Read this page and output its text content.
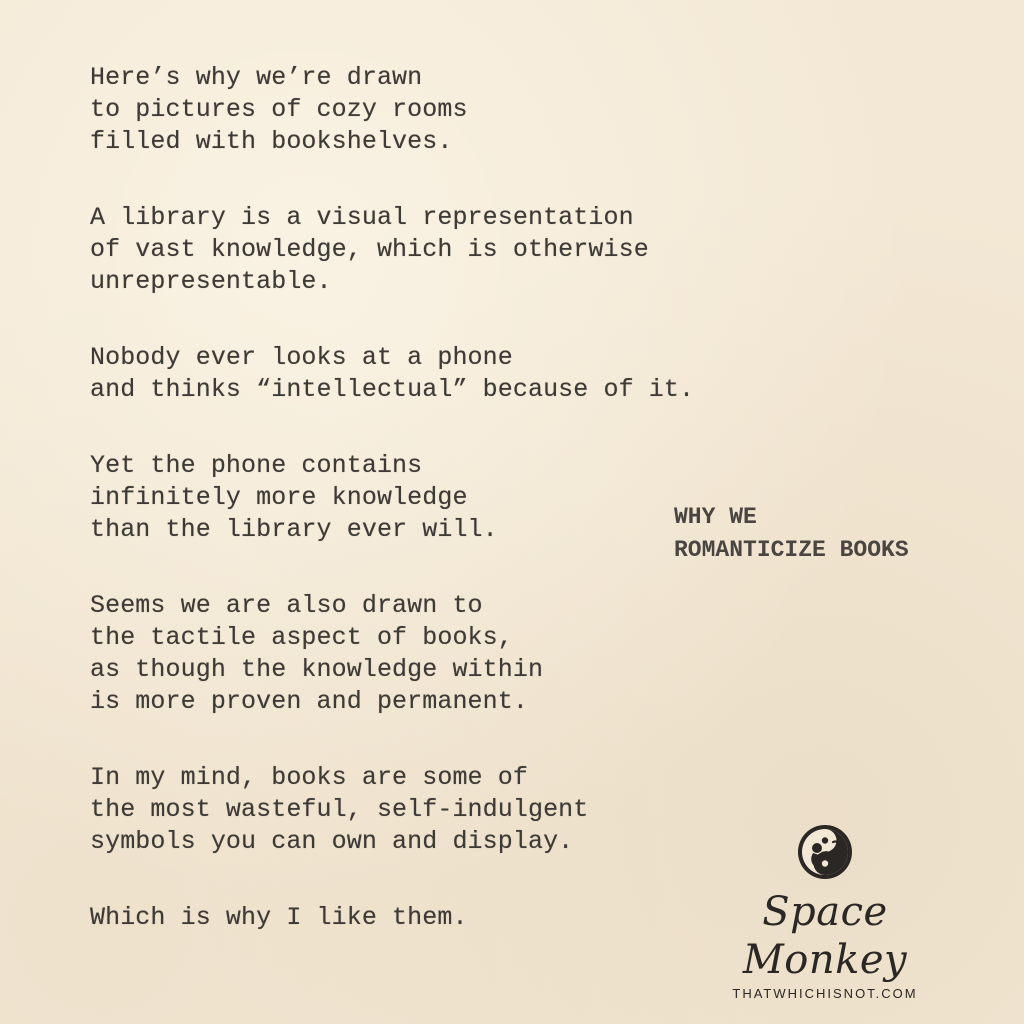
Here’s why we’re drawn
to pictures of cozy rooms
filled with bookshelves.
A library is a visual representation
of vast knowledge, which is otherwise
unrepresentable.
Nobody ever looks at a phone
and thinks “intellectual” because of it.
Yet the phone contains
infinitely more knowledge
than the library ever will.
Seems we are also drawn to
the tactile aspect of books,
as though the knowledge within
is more proven and permanent.
In my mind, books are some of
the most wasteful, self-indulgent
symbols you can own and display.
Which is why I like them.
WHY WE
ROMANTICIZE BOOKS
Space Monkey
THATWHICHISNOT.COM
